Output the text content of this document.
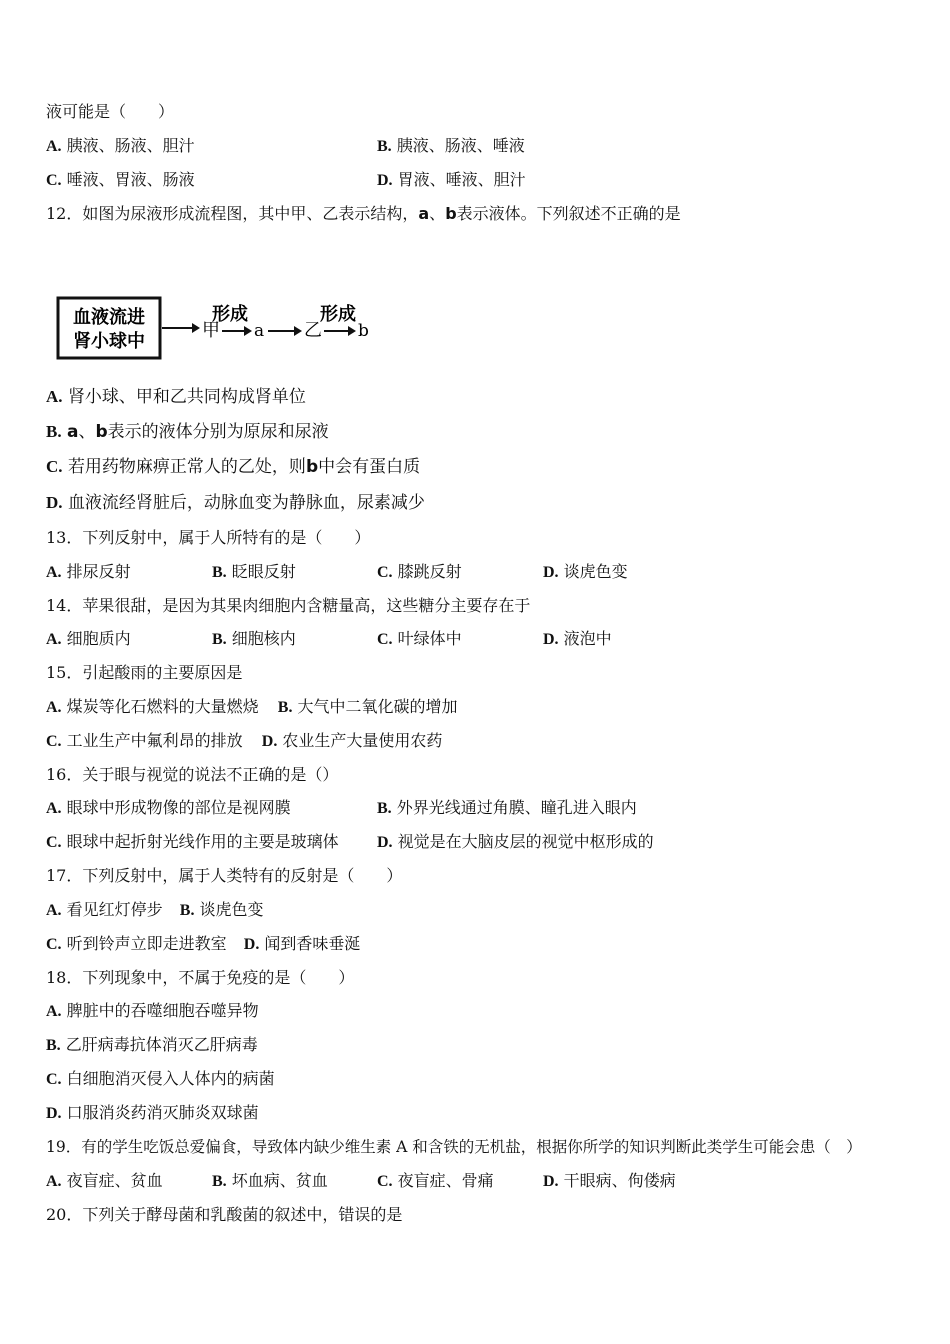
液可能是（　　）
A. 胰液、肠液、胆汁	B. 胰液、肠液、唾液
C. 唾液、胃液、肠液	D. 胃液、唾液、胆汁
12．如图为尿液形成流程图，其中甲、乙表示结构，a、b表示液体。下列叙述不正确的是
血液流进
肾小球中
甲
形成
a 乙
形成
b
A. 肾小球、甲和乙共同构成肾单位
B. a、b表示的液体分别为原尿和尿液
C. 若用药物麻痹正常人的乙处，则b中会有蛋白质
D. 血液流经肾脏后，动脉血变为静脉血，尿素减少
13．下列反射中，属于人所特有的是（　　）
A. 排尿反射	B. 眨眼反射	C. 膝跳反射	D. 谈虎色变
14．苹果很甜，是因为其果肉细胞内含糖量高，这些糖分主要存在于
A. 细胞质内	B. 细胞核内	C. 叶绿体中	D. 液泡中
15．引起酸雨的主要原因是
A. 煤炭等化石燃料的大量燃烧 B. 大气中二氧化碳的增加
C. 工业生产中氟利昂的排放 D. 农业生产大量使用农药
16．关于眼与视觉的说法不正确的是（）
A. 眼球中形成物像的部位是视网膜	B. 外界光线通过角膜、瞳孔进入眼内
C. 眼球中起折射光线作用的主要是玻璃体 D. 视觉是在大脑皮层的视觉中枢形成的
17．下列反射中，属于人类特有的反射是（　　）
A. 看见红灯停步 B. 谈虎色变
C. 听到铃声立即走进教室 D. 闻到香味垂涎
18．下列现象中，不属于免疫的是（　　）
A. 脾脏中的吞噬细胞吞噬异物
B. 乙肝病毒抗体消灭乙肝病毒
C. 白细胞消灭侵入人体内的病菌
D. 口服消炎药消灭肺炎双球菌
19．有的学生吃饭总爱偏食，导致体内缺少维生素 A 和含铁的无机盐，根据你所学的知识判断此类学生可能会患（　）
A. 夜盲症、贫血	B. 坏血病、贫血	C. 夜盲症、骨痛	D. 干眼病、佝偻病
20．下列关于酵母菌和乳酸菌的叙述中，错误的是
